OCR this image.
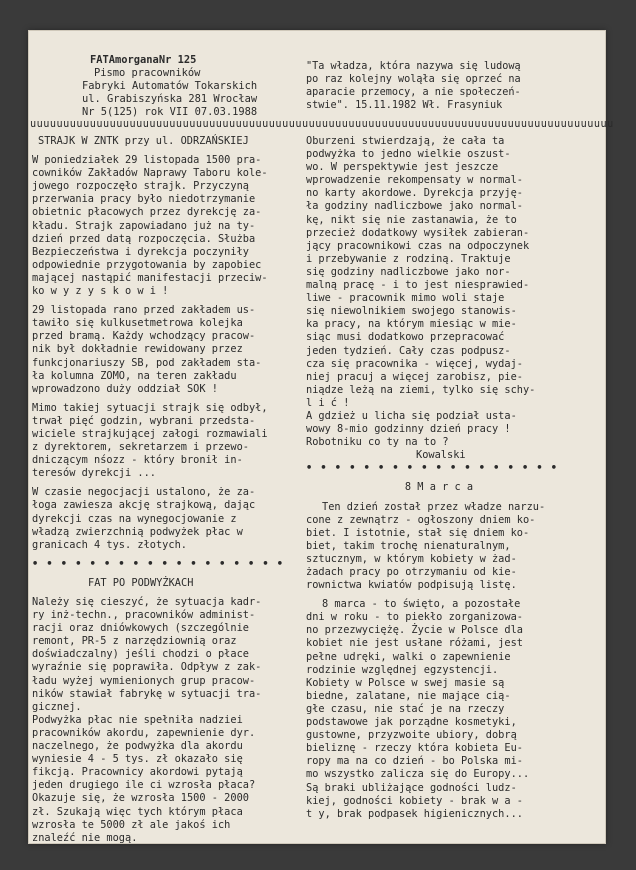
FATAmorganaNr 125
Pismo pracowników
Fabryki Automatów Tokarskich
ul. Grabiszyńska 281 Wrocław
Nr 5(125) rok VII 07.03.1988
"Ta władza, która nazywa się ludową
po raz kolejny woląła się oprzeć na
aparacie przemocy, a nie społeczeń-
stwie". 15.11.1982 Wł. Frasyniuk
uuuuuuuuuuuuuuuuuuuuuuuuuuuuuuuuuuuuuuuuuuuuuuuuuuuuuuuuuuuuuuuuuuuuuuuuuuuuuuuuuuuuuuuu
STRAJK W ZNTK przy ul. ODRZAŃSKIEJ
W poniedziałek 29 listopada 1500 pra-
cowników Zakładów Naprawy Taboru kole-
jowego rozpoczęło strajk. Przyczyną
przerwania pracy było niedotrzymanie
obietnic płacowych przez dyrekcję za-
kładu. Strajk zapowiadano już na ty-
dzień przed datą rozpoczęcia. Służba
Bezpieczeństwa i dyrekcja poczyniły
odpowiednie przygotowania by zapobiec
mającej nastąpić manifestacji przeciw-
ko w y z y s k o w i !
29 listopada rano przed zakładem us-
tawiło się kulkusetmetrowa kolejka
przed bramą. Każdy wchodzący pracow-
nik był dokładnie rewidowany przez
funkcjonariuszy SB, pod zakładem sta-
ła kolumna ZOMO, na teren zakładu
wprowadzono duży oddział SOK !
Mimo takiej sytuacji strajk się odbył,
trwał pięć godzin, wybrani przedsta-
wiciele strajkującej załogi rozmawiali
z dyrektorem, sekretarzem i przewo-
dniczącym nśozz - który bronił in-
teresów dyrekcji ...
W czasie negocjacji ustalono, że za-
łoga zawiesza akcję strajkową, dając
dyrekcji czas na wynegocjowanie z
władzą zwierzchnią podwyżek płac w
granicach 4 tys. złotych.
• • • • • • • • • • • • • • • • • •
FAT PO PODWYŻKACH
Należy się cieszyć, że sytuacja kadr-
ry inż-techn., pracowników administ-
racji oraz dniówkowych (szczególnie
remont, PR-5 z narzędziownią oraz
doświadczalny) jeśli chodzi o płace
wyraźnie się poprawiła. Odpływ z zak-
ładu wyżej wymienionych grup pracow-
ników stawiał fabrykę w sytuacji tra-
gicznej.
Podwyżka płac nie spełniła nadziei
pracowników akordu, zapewnienie dyr.
naczelnego, że podwyżka dla akordu
wyniesie 4 - 5 tys. zł okazało się
fikcją. Pracownicy akordowi pytają
jeden drugiego ile ci wzrosła płaca?
Okazuje się, że wzrosła 1500 - 2000
zł. Szukają więc tych którym płaca
wzrosła te 5000 zł ale jakoś ich
znaleźć nie mogą.
Oburzeni stwierdzają, że cała ta
podwyżka to jedno wielkie oszust-
wo. W perspektywie jest jeszcze
wprowadzenie rekompensaty w normal-
no karty akordowe. Dyrekcja przyję-
ła godziny nadliczbowe jako normal-
kę, nikt się nie zastanawia, że to
przecież dodatkowy wysiłek zabieran-
jący pracownikowi czas na odpoczynek
i przebywanie z rodziną. Traktuje
się godziny nadliczbowe jako nor-
malną pracę - i to jest niesprawied-
liwe - pracownik mimo woli staje
się niewolnikiem swojego stanowis-
ka pracy, na którym miesiąc w mie-
siąc musi dodatkowo przepracować
jeden tydzień. Cały czas podpusz-
cza się pracownika - więcej, wydaj-
niej pracuj a więcej zarobisz, pie-
niądze leżą na ziemi, tylko się schy-
l i ć !
A gdzież u licha się podział usta-
wowy 8-mio godzinny dzień pracy !
Robotniku co ty na to ?
Kowalski
• • • • • • • • • • • • • • • • • •
8 M a r c a
Ten dzień został przez władze narzu-
cone z zewnątrz - ogłoszony dniem ko-
biet. I istotnie, stał się dniem ko-
biet, takim trochę nienaturalnym,
sztucznym, w którym kobiety w żad-
żadach pracy po otrzymaniu od kie-
rownictwa kwiatów podpisują listę.
8 marca - to święto, a pozostałe
dni w roku - to piekło zorganizowa-
no przezwyciężę. Życie w Polsce dla
kobiet nie jest usłane różami, jest
pełne udręki, walki o zapewnienie
rodzinie względnej egzystencji.
Kobiety w Polsce w swej masie są
biedne, zalatane, nie mające cią-
głe czasu, nie stać je na rzeczy
podstawowe jak porządne kosmetyki,
gustowne, przyzwoite ubiory, dobrą
bieliznę - rzeczy która kobieta Eu-
ropy ma na co dzień - bo Polska mi-
mo wszystko zalicza się do Europy...
Są braki ubliżające godności ludz-
kiej, godności kobiety - brak w a -
t y, brak podpasek higienicznych...
